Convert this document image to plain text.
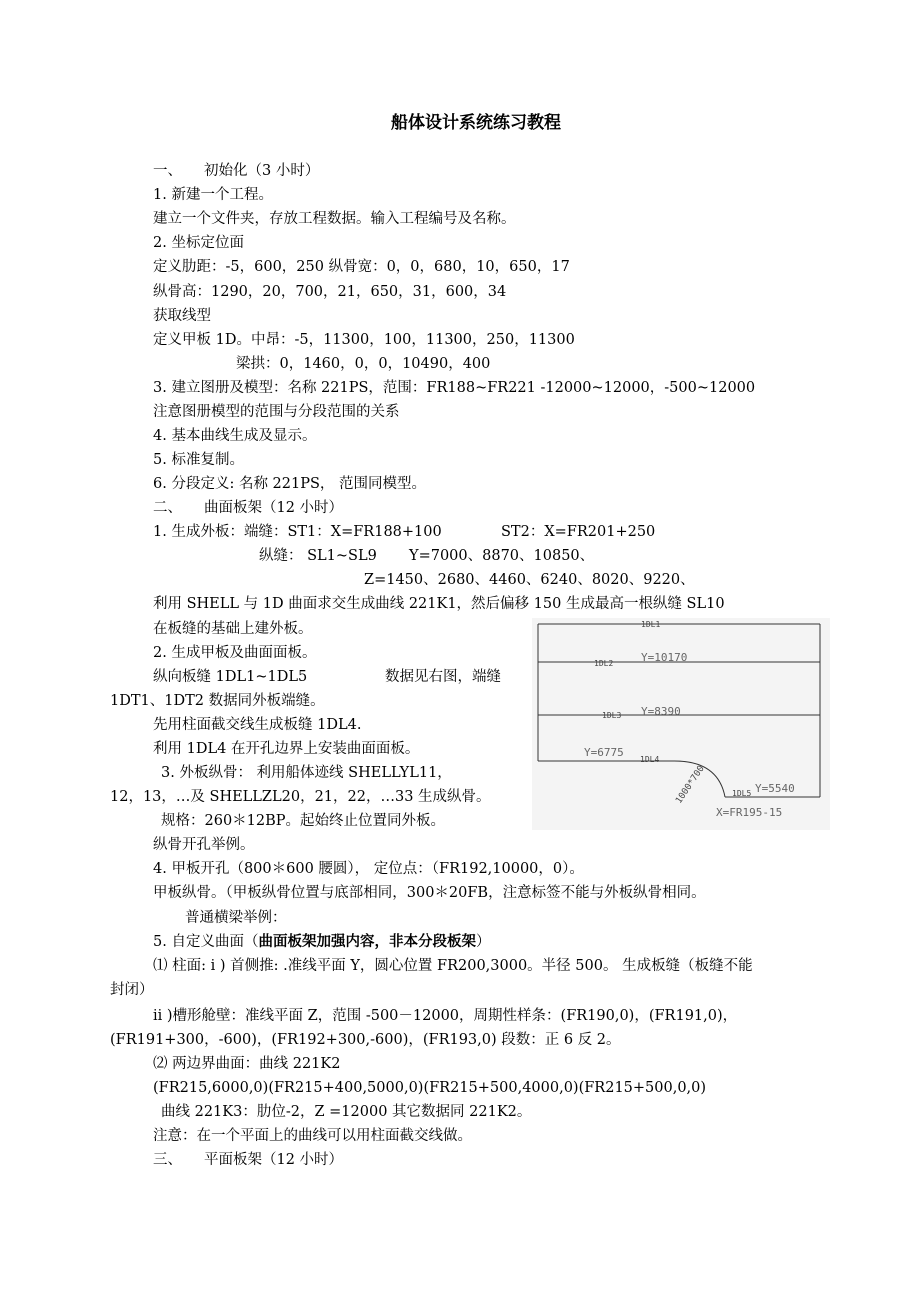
船体设计系统练习教程
一、 初始化（3 小时）
1. 新建一个工程。
建立一个文件夹，存放工程数据。输入工程编号及名称。
2. 坐标定位面
定义肋距：-5，600，250 纵骨宽：0，0，680，10，650，17
纵骨高：1290，20，700，21，650，31，600，34
获取线型
定义甲板 1D。中昂：-5，11300，100，11300，250，11300
梁拱：0，1460，0，0，10490，400
3. 建立图册及模型：名称 221PS，范围：FR188~FR221 -12000~12000，-500~12000
注意图册模型的范围与分段范围的关系
4. 基本曲线生成及显示。
5. 标准复制。
6. 分段定义: 名称 221PS， 范围同模型。
二、 曲面板架（12 小时）
1. 生成外板：端缝：ST1：X=FR188+100	ST2：X=FR201+250
纵缝： SL1~SL9 Y=7000、8870、10850、
Z=1450、2680、4460、6240、8020、9220、
利用 SHELL 与 1D 曲面求交生成曲线 221K1，然后偏移 150 生成最高一根纵缝 SL10
在板缝的基础上建外板。
2. 生成甲板及曲面面板。
纵向板缝 1DL1~1DL5	数据见右图，端缝
1DT1、1DT2 数据同外板端缝。
先用柱面截交线生成板缝 1DL4.
利用 1DL4 在开孔边界上安装曲面面板。
3. 外板纵骨： 利用船体迹线 SHELLYL11，
12，13，…及 SHELLZL20，21，22，…33 生成纵骨。
规格：260＊12BP。起始终止位置同外板。
纵骨开孔举例。
4. 甲板开孔（800＊600 腰圆）， 定位点：（FR192,10000，0）。
甲板纵骨。（甲板纵骨位置与底部相同，300＊20FB，注意标签不能与外板纵骨相同。
普通横梁举例：
5. 自定义曲面（曲面板架加强内容，非本分段板架）
⑴ 柱面: i ) 首侧推: .准线平面 Y，圆心位置 FR200,3000。半径 500。 生成板缝（板缝不能
封闭）
ii )槽形舱壁：准线平面 Z，范围 -500－12000，周期性样条：(FR190,0)，(FR191,0)，
(FR191+300，-600)，(FR192+300,-600)，(FR193,0) 段数：正 6 反 2。
⑵ 两边界曲面：曲线 221K2
(FR215,6000,0)(FR215+400,5000,0)(FR215+500,4000,0)(FR215+500,0,0)
曲线 221K3：肋位-2，Z =12000 其它数据同 221K2。
注意：在一个平面上的曲线可以用柱面截交线做。
三、 平面板架（12 小时）
1DL1
1DL2
1DL3
1DL4
1DL5
Y=10170
Y=8390
Y=6775
Y=5540
X=FR195-15
1000*700
